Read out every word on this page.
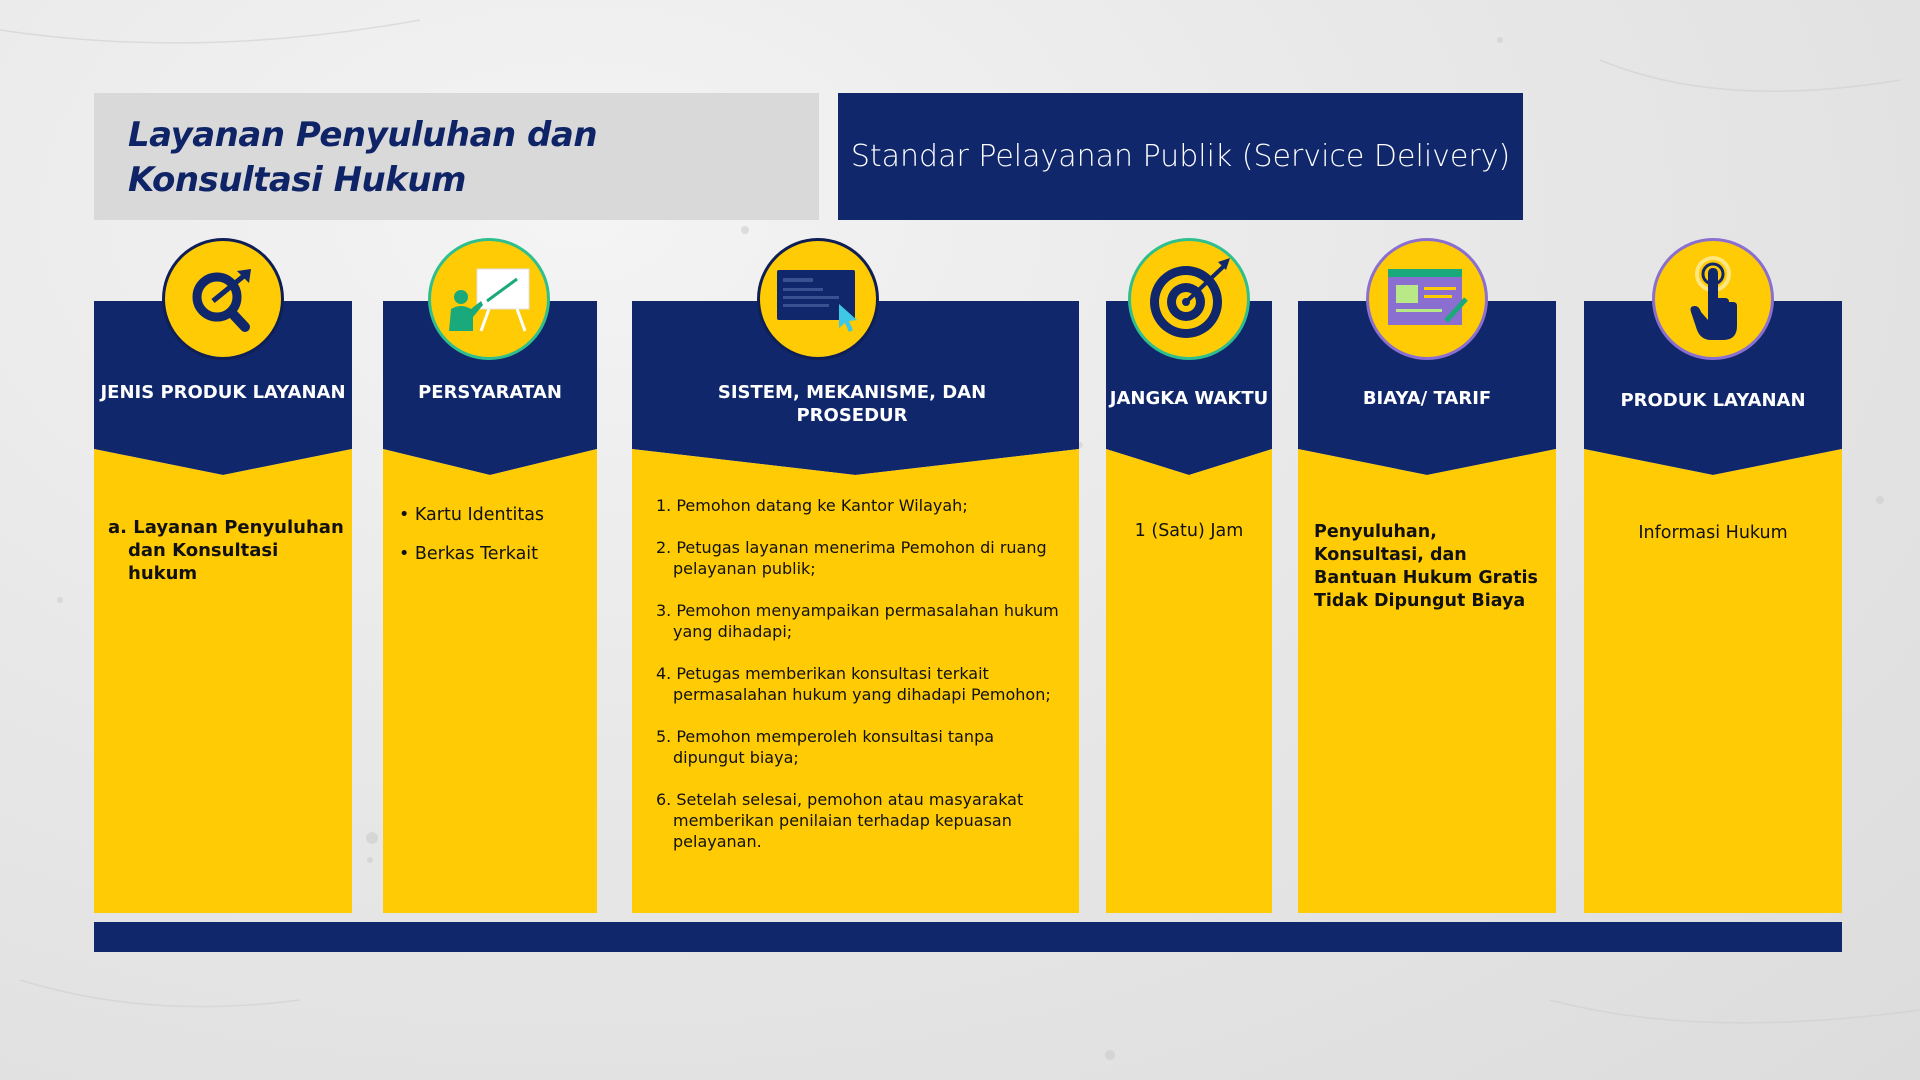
Layanan Penyuluhan dan Konsultasi Hukum
Standar Pelayanan Publik (Service Delivery)
JENIS PRODUK LAYANAN
a. Layanan Penyuluhan dan Konsultasi hukum
PERSYARATAN
• Kartu Identitas
• Berkas Terkait
SISTEM, MEKANISME, DAN PROSEDUR
1. Pemohon datang ke Kantor Wilayah;
2. Petugas layanan menerima Pemohon di ruang pelayanan publik;
3. Pemohon menyampaikan permasalahan hukum yang dihadapi;
4. Petugas memberikan konsultasi terkait permasalahan hukum yang dihadapi Pemohon;
5. Pemohon memperoleh konsultasi tanpa dipungut biaya;
6. Setelah selesai, pemohon atau masyarakat memberikan penilaian terhadap kepuasan pelayanan.
JANGKA WAKTU
1 (Satu) Jam
BIAYA/ TARIF
Penyuluhan, Konsultasi, dan Bantuan Hukum Gratis Tidak Dipungut Biaya
PRODUK LAYANAN
Informasi Hukum
